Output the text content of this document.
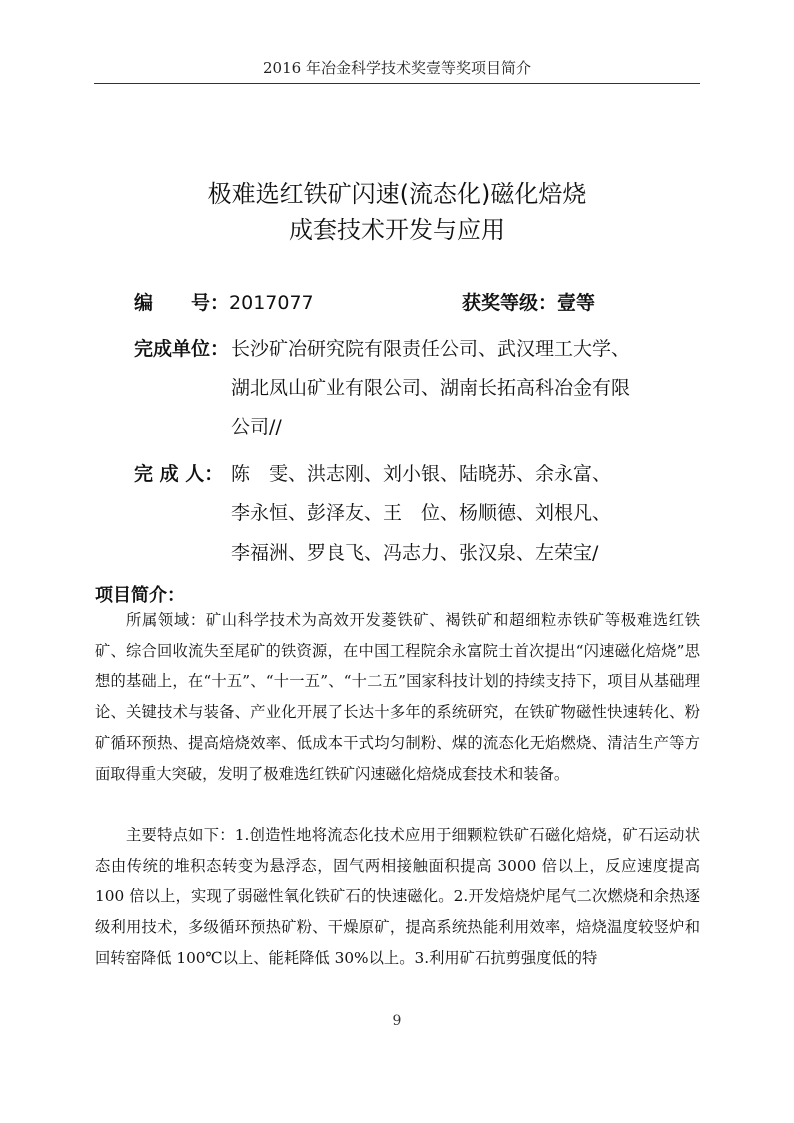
2016 年冶金科学技术奖壹等奖项目简介
极难选红铁矿闪速(流态化)磁化焙烧
成套技术开发与应用
编　　号：2017077	获奖等级：壹等
完成单位： 长沙矿冶研究院有限责任公司、武汉理工大学、
湖北凤山矿业有限公司、湖南长拓高科冶金有限
公司//
完 成 人： 陈　雯、洪志刚、刘小银、陆晓苏、余永富、
李永恒、彭泽友、王　位、杨顺德、刘根凡、
李福洲、罗良飞、冯志力、张汉泉、左荣宝/
项目简介：

所属领域：矿山科学技术为高效开发菱铁矿、褐铁矿和超细粒赤铁矿等极难选红铁矿、综合回收流失至尾矿的铁资源，在中国工程院余永富院士首次提出“闪速磁化焙烧”思想的基础上，在“十五”、“十一五”、“十二五”国家科技计划的持续支持下，项目从基础理论、关键技术与装备、产业化开展了长达十多年的系统研究，在铁矿物磁性快速转化、粉矿循环预热、提高焙烧效率、低成本干式均匀制粉、煤的流态化无焰燃烧、清洁生产等方面取得重大突破，发明了极难选红铁矿闪速磁化焙烧成套技术和装备。

主要特点如下：1.创造性地将流态化技术应用于细颗粒铁矿石磁化焙烧，矿石运动状态由传统的堆积态转变为悬浮态，固气两相接触面积提高 3000 倍以上，反应速度提高 100 倍以上，实现了弱磁性氧化铁矿石的快速磁化。2.开发焙烧炉尾气二次燃烧和余热逐级利用技术，多级循环预热矿粉、干燥原矿，提高系统热能利用效率，焙烧温度较竖炉和回转窑降低 100℃以上、能耗降低 30%以上。3.利用矿石抗剪强度低的特

9
